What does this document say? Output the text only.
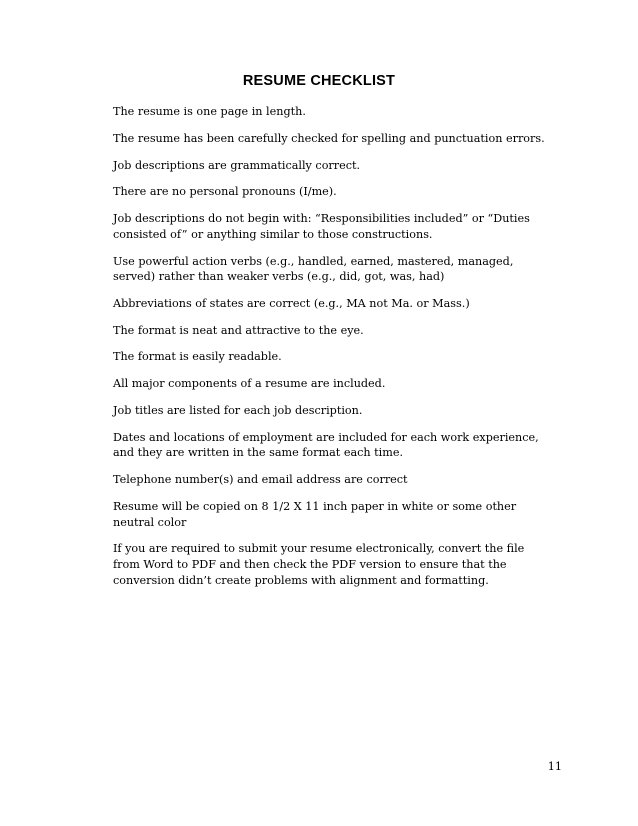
RESUME CHECKLIST
The resume is one page in length.
The resume has been carefully checked for spelling and punctuation errors.
Job descriptions are grammatically correct.
There are no personal pronouns (I/me).
Job descriptions do not begin with: “Responsibilities included” or “Duties
consisted of” or anything similar to those constructions.
Use powerful action verbs (e.g., handled, earned, mastered, managed,
served) rather than weaker verbs (e.g., did, got, was, had)
Abbreviations of states are correct (e.g., MA not Ma. or Mass.)
The format is neat and attractive to the eye.
The format is easily readable.
All major components of a resume are included.
Job titles are listed for each job description.
Dates and locations of employment are included for each work experience,
and they are written in the same format each time.
Telephone number(s) and email address are correct
Resume will be copied on 8 1/2 X 11 inch paper in white or some other
neutral color
If you are required to submit your resume electronically, convert the file
from Word to PDF and then check the PDF version to ensure that the
conversion didn’t create problems with alignment and formatting.
11
